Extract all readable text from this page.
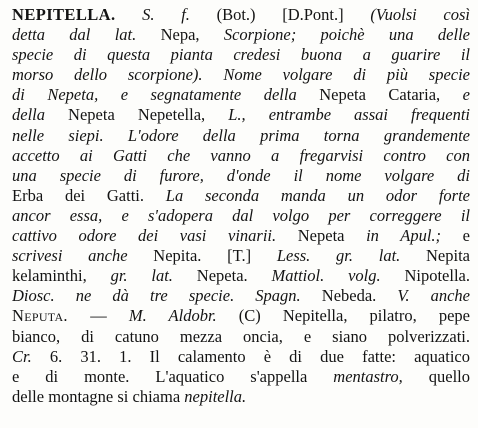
NEPITELLA. S. f. (Bot.) [D.Pont.] (Vuolsi così
detta dal lat. Nepa, Scorpione; poichè una delle
specie di questa pianta credesi buona a guarire il
morso dello scorpione). Nome volgare di più specie
di Nepeta, e segnatamente della Nepeta Cataria, e
della Nepeta Nepetella, L., entrambe assai frequenti
nelle siepi. L'odore della prima torna grandemente
accetto ai Gatti che vanno a fregarvisi contro con
una specie di furore, d'onde il nome volgare di
Erba dei Gatti. La seconda manda un odor forte
ancor essa, e s'adopera dal volgo per correggere il
cattivo odore dei vasi vinarii. Nepeta in Apul.; e
scrivesi anche Nepita. [T.] Less. gr. lat. Nepita
kelaminthi, gr. lat. Nepeta. Mattiol. volg. Nipotella.
Diosc. ne dà tre specie. Spagn. Nebeda. V. anche
Neputa. — M. Aldobr. (C) Nepitella, pilatro, pepe
bianco, di catuno mezza oncia, e siano polverizzati.
Cr. 6. 31. 1. Il calamento è di due fatte: aquatico
e di monte. L'aquatico s'appella mentastro, quello
delle montagne si chiama nepitella.
